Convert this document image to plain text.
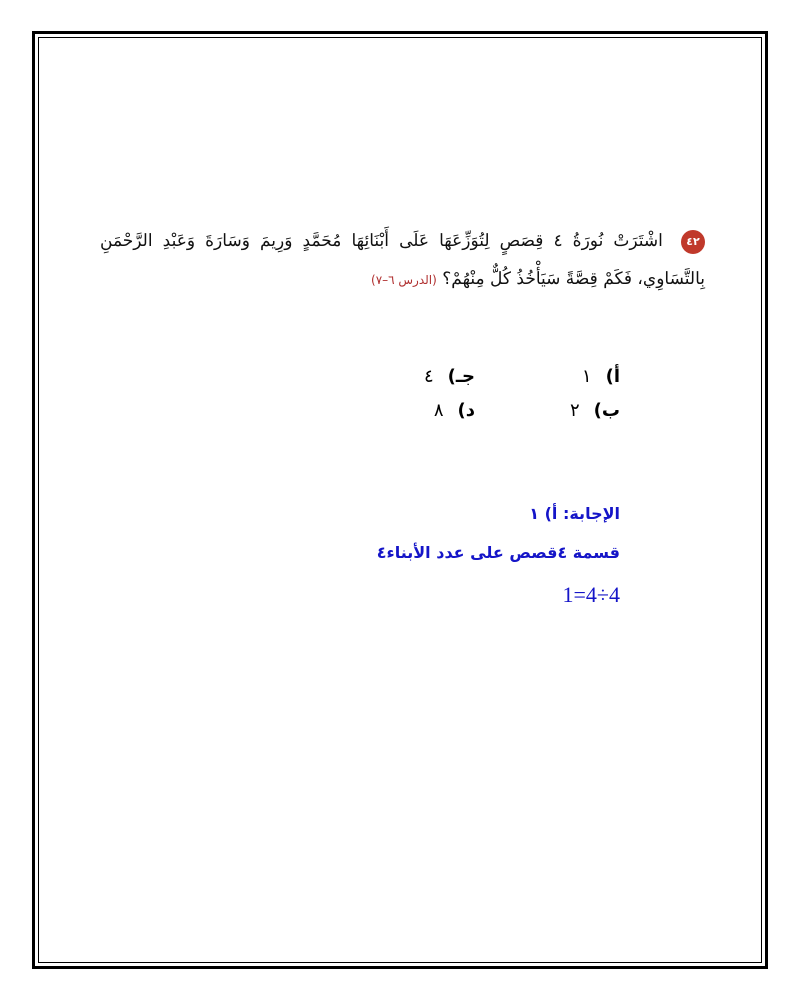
٤٢ اشْتَرَتْ نُورَةُ ٤ قِصَصٍ لِتُوَزِّعَهَا عَلَى أَبْنَائِهَا مُحَمَّدٍ وَرِيمَ وَسَارَةَ وَعَبْدِ الرَّحْمَنِ بِالتَّسَاوِي، فَكَمْ قِصَّةً سَيَأْخُذُ كُلٌّ مِنْهُمْ؟ (الدرس ٦–٧)
أ)١
ب)٢
جـ)٤
د)٨
الإجابة: أ) ١
قسمة ٤قصص على عدد الأبناء٤
1=4÷4
